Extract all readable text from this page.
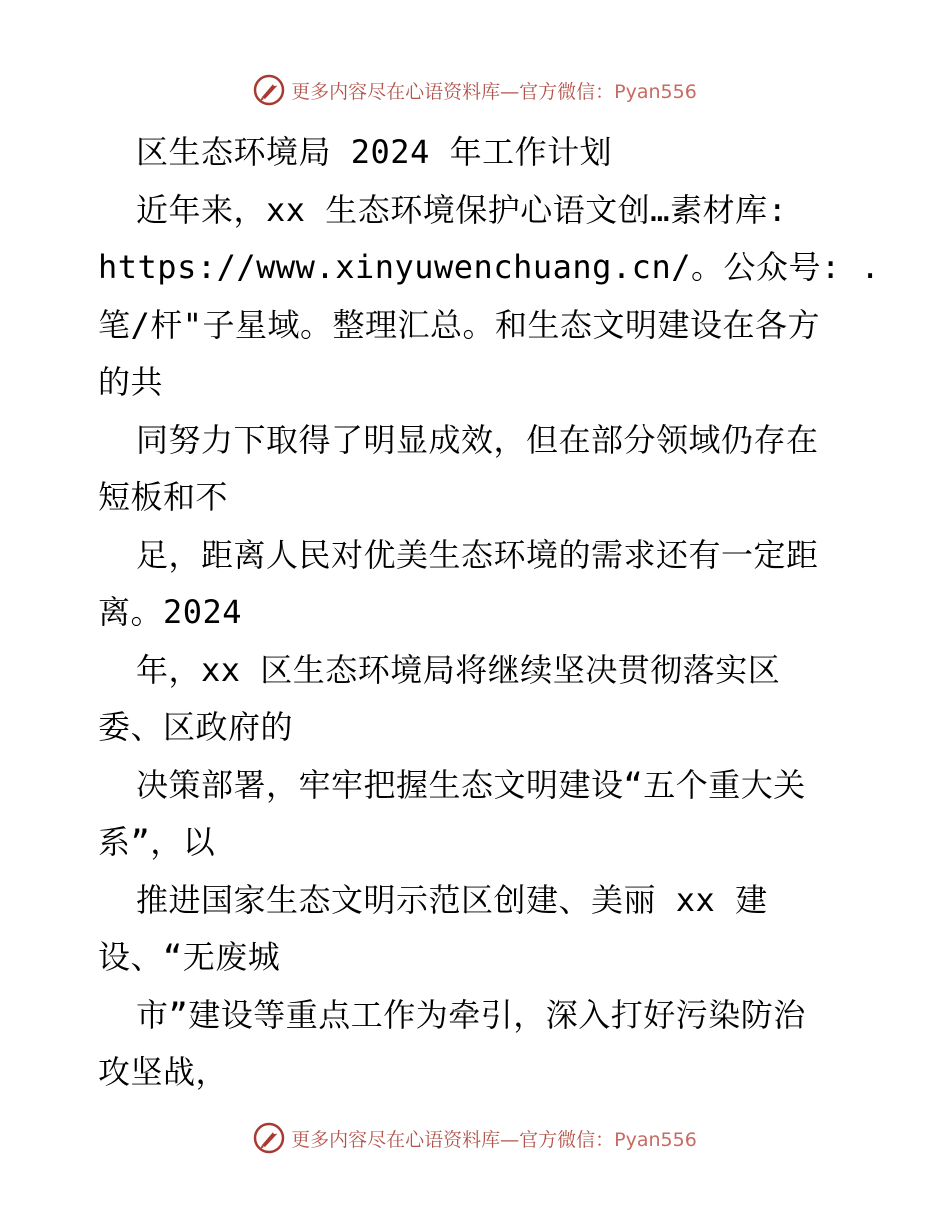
更多内容尽在心语资料库—官方微信：Pyan556
区生态环境局 2024 年工作计划
近年来，xx 生态环境保护心语文创…素材库:
https://www.xinyuwenchuang.cn/。公众号: .
笔/杆"子星域。整理汇总。和生态文明建设在各方
的共
同努力下取得了明显成效，但在部分领域仍存在
短板和不
足，距离人民对优美生态环境的需求还有一定距
离。2024
年，xx 区生态环境局将继续坚决贯彻落实区
委、区政府的
决策部署，牢牢把握生态文明建设“五个重大关
系”，以
推进国家生态文明示范区创建、美丽 xx 建
设、“无废城
市”建设等重点工作为牵引，深入打好污染防治
攻坚战，
更多内容尽在心语资料库—官方微信：Pyan556
